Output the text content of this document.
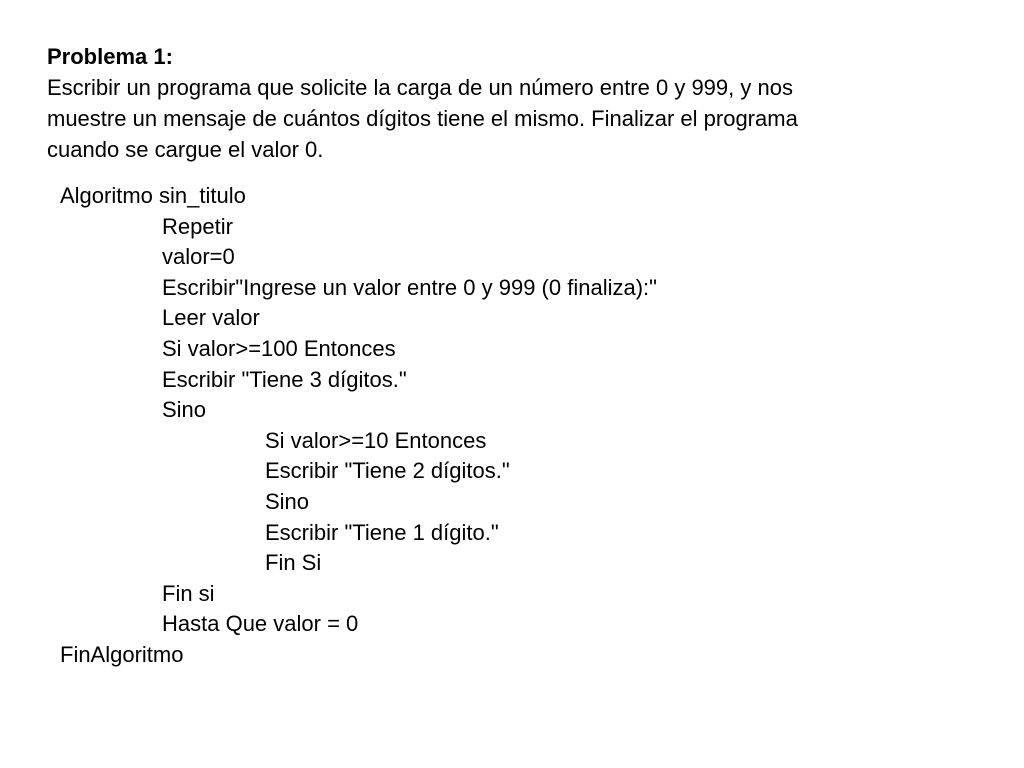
Problema 1:
Escribir un programa que solicite la carga de un número entre 0 y 999, y nos
muestre un mensaje de cuántos dígitos tiene el mismo. Finalizar el programa
cuando se cargue el valor 0.
Algoritmo sin_titulo
Repetir
valor=0
Escribir"Ingrese un valor entre 0 y 999 (0 finaliza):"
Leer valor
Si valor>=100 Entonces
Escribir "Tiene 3 dígitos."
Sino
Si valor>=10 Entonces
Escribir "Tiene 2 dígitos."
Sino
Escribir "Tiene 1 dígito."
Fin Si
Fin si
Hasta Que valor = 0
FinAlgoritmo
